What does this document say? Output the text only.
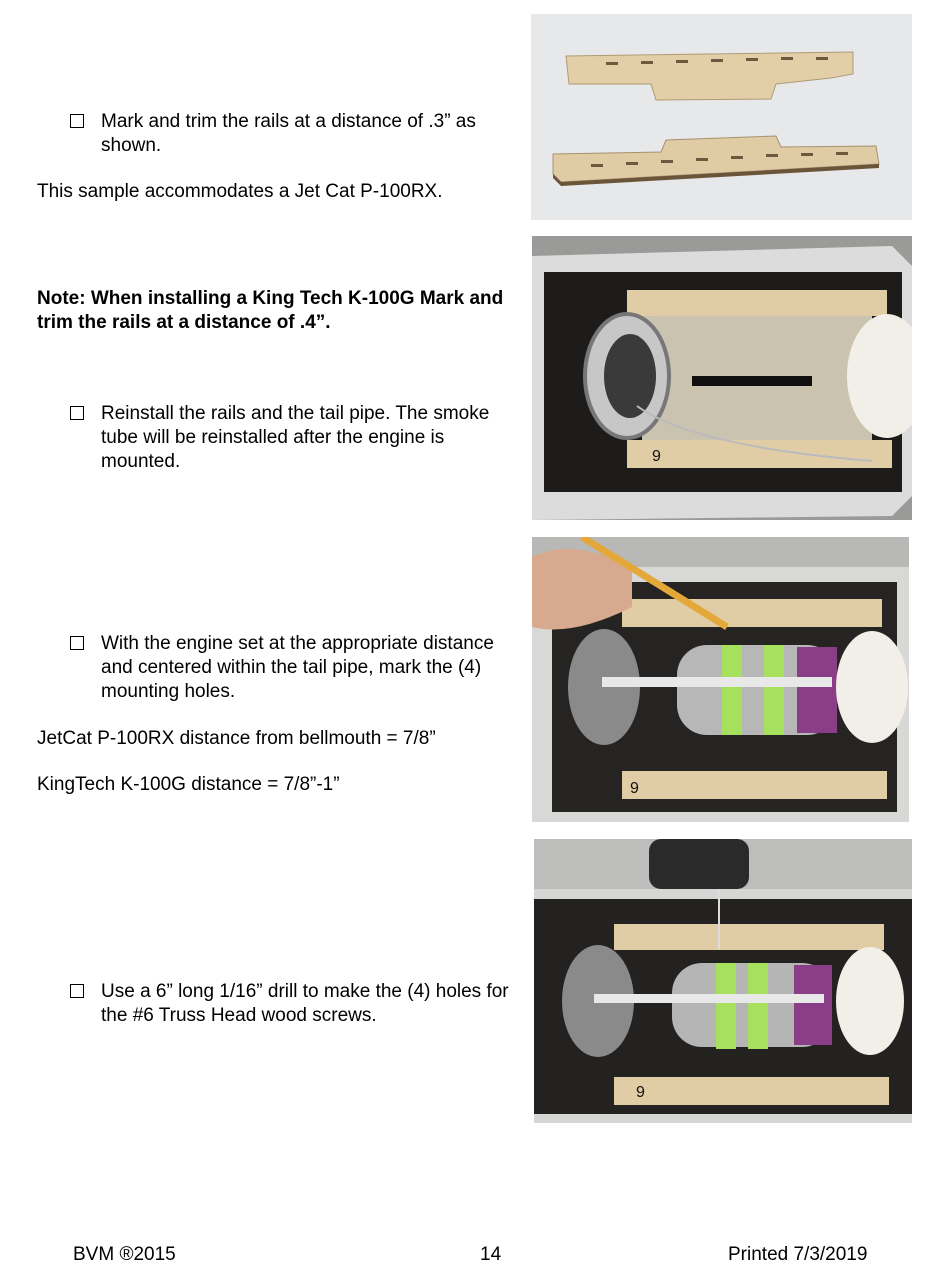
Mark and trim the rails at a distance of .3” as shown.
This sample accommodates a Jet Cat P-100RX.
Note: When installing a King Tech K-100G Mark and trim the rails at a distance of .4”.
Reinstall the rails and the tail pipe. The smoke tube will be reinstalled after the engine is mounted.
With the engine set at the appropriate distance and centered within the tail pipe, mark the (4) mounting holes.
JetCat P-100RX distance from bellmouth = 7/8”
KingTech K-100G distance = 7/8”-1”
Use a 6” long 1/16” drill to make the (4) holes for the #6 Truss Head wood screws.
9
9
9
BVM ®2015	14	Printed 7/3/2019
